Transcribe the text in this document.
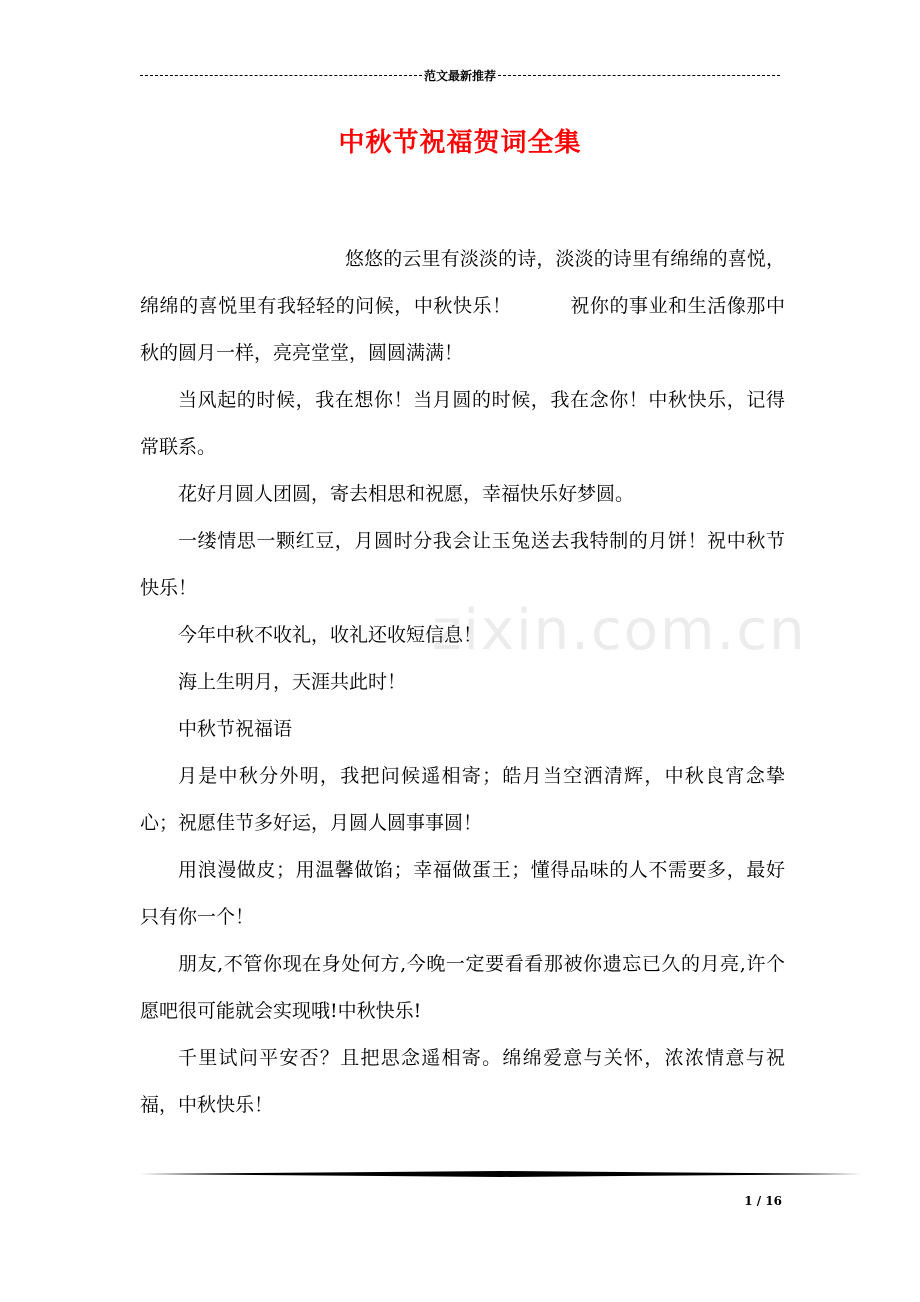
范文最新推荐
中秋节祝福贺词全集

悠悠的云里有淡淡的诗，淡淡的诗里有绵绵的喜悦，绵绵的喜悦里有我轻轻的问候，中秋快乐！　　　祝你的事业和生活像那中秋的圆月一样，亮亮堂堂，圆圆满满！

当风起的时候，我在想你！当月圆的时候，我在念你！中秋快乐，记得常联系。

花好月圆人团圆，寄去相思和祝愿，幸福快乐好梦圆。

一缕情思一颗红豆，月圆时分我会让玉兔送去我特制的月饼！祝中秋节快乐！

今年中秋不收礼，收礼还收短信息！

海上生明月，天涯共此时！

中秋节祝福语

月是中秋分外明，我把问候遥相寄；皓月当空洒清辉，中秋良宵念挚心；祝愿佳节多好运，月圆人圆事事圆！

用浪漫做皮；用温馨做馅；幸福做蛋王；懂得品味的人不需要多，最好只有你一个！

朋友,不管你现在身处何方,今晚一定要看看那被你遗忘已久的月亮,许个愿吧很可能就会实现哦!中秋快乐!

千里试问平安否？且把思念遥相寄。绵绵爱意与关怀，浓浓情意与祝福，中秋快乐！

zixin.com.cn
1 / 16
